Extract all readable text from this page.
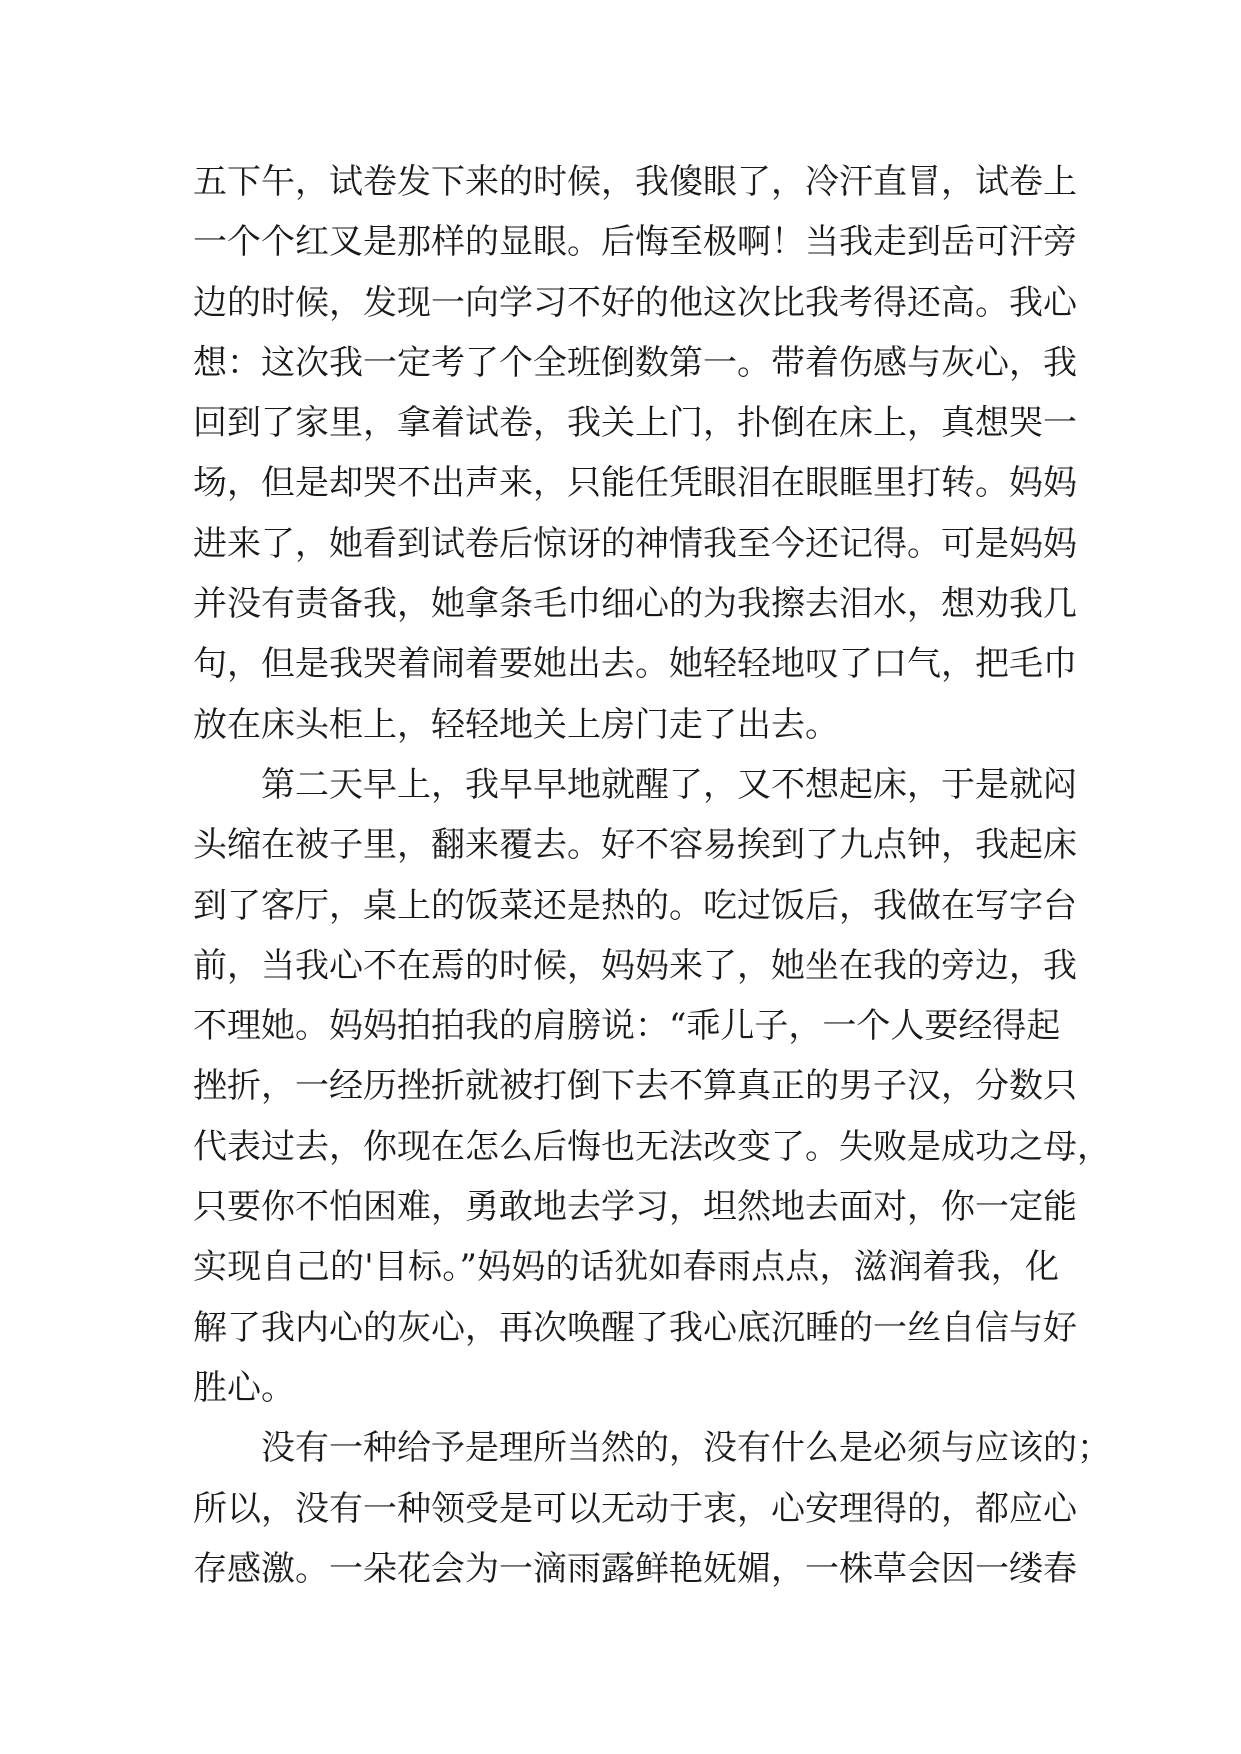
五下午，试卷发下来的时候，我傻眼了，冷汗直冒，试卷上
一个个红叉是那样的显眼。后悔至极啊！当我走到岳可汗旁
边的时候，发现一向学习不好的他这次比我考得还高。我心
想：这次我一定考了个全班倒数第一。带着伤感与灰心，我
回到了家里，拿着试卷，我关上门，扑倒在床上，真想哭一
场，但是却哭不出声来，只能任凭眼泪在眼眶里打转。妈妈
进来了，她看到试卷后惊讶的神情我至今还记得。可是妈妈
并没有责备我，她拿条毛巾细心的为我擦去泪水，想劝我几
句，但是我哭着闹着要她出去。她轻轻地叹了口气，把毛巾
放在床头柜上，轻轻地关上房门走了出去。
第二天早上，我早早地就醒了，又不想起床，于是就闷
头缩在被子里，翻来覆去。好不容易挨到了九点钟，我起床
到了客厅，桌上的饭菜还是热的。吃过饭后，我做在写字台
前，当我心不在焉的时候，妈妈来了，她坐在我的旁边，我
不理她。妈妈拍拍我的肩膀说：“乖儿子，一个人要经得起
挫折，一经历挫折就被打倒下去不算真正的男子汉，分数只
代表过去，你现在怎么后悔也无法改变了。失败是成功之母，
只要你不怕困难，勇敢地去学习，坦然地去面对，你一定能
实现自己的'目标。”妈妈的话犹如春雨点点，滋润着我，化
解了我内心的灰心，再次唤醒了我心底沉睡的一丝自信与好
胜心。
没有一种给予是理所当然的，没有什么是必须与应该的；
所以，没有一种领受是可以无动于衷，心安理得的，都应心
存感激。一朵花会为一滴雨露鲜艳妩媚，一株草会因一缕春
